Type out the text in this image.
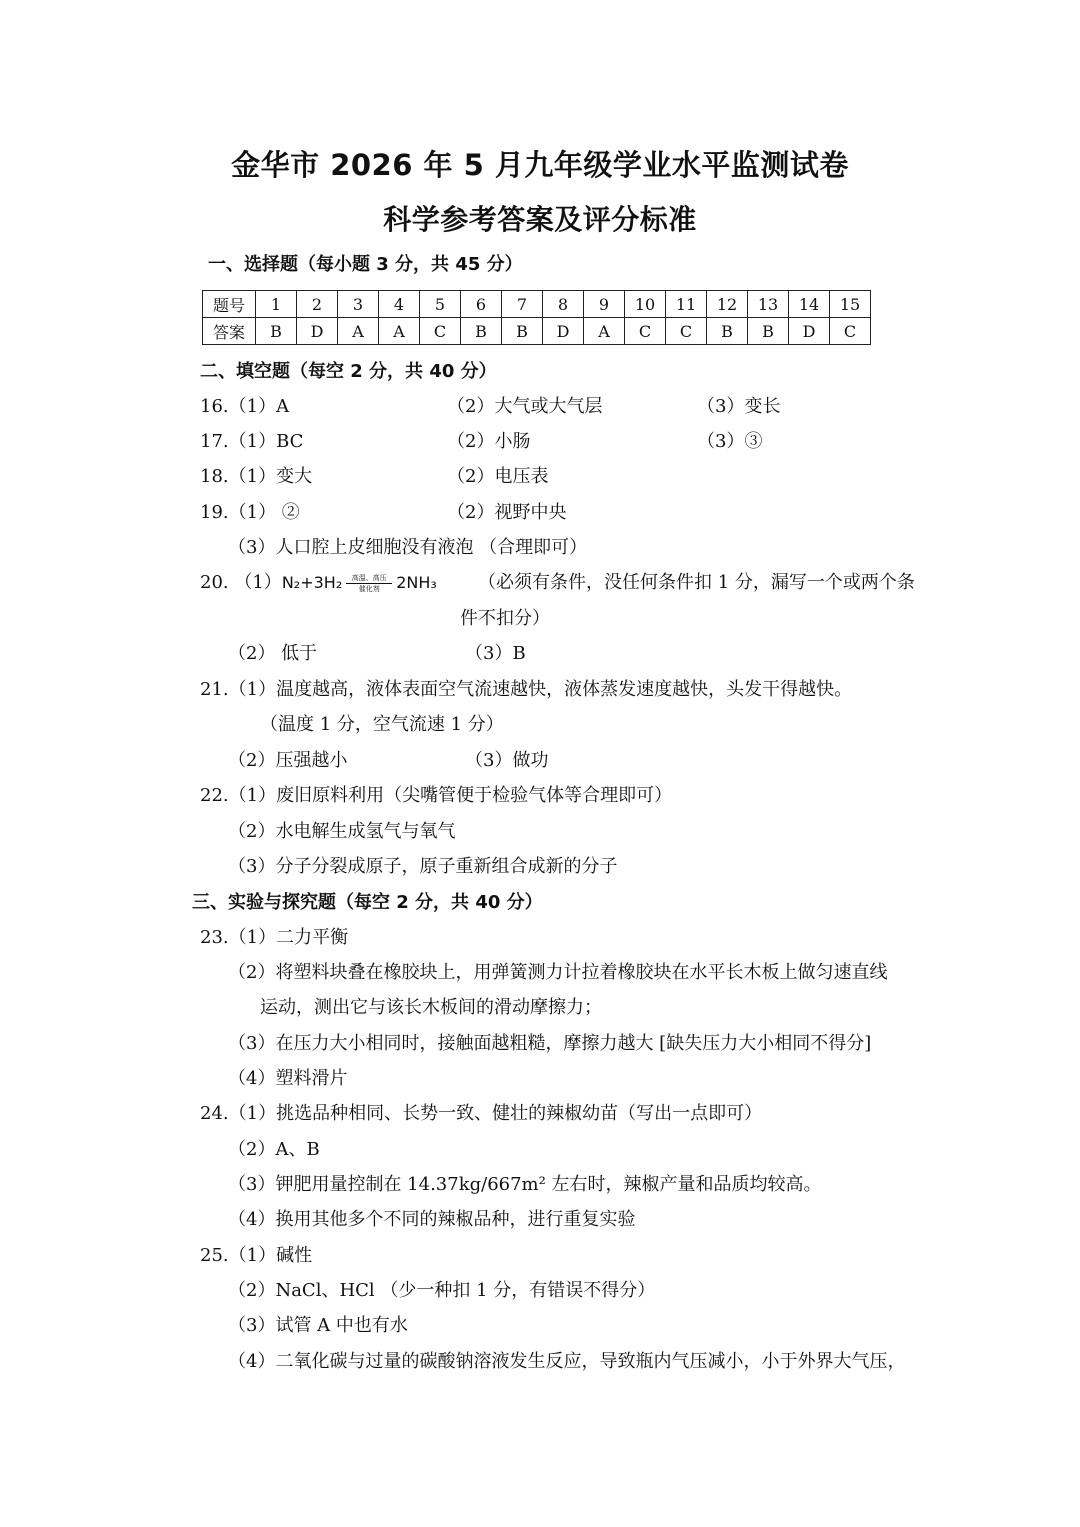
金华市 2026 年 5 月九年级学业水平监测试卷
科学参考答案及评分标准
一、选择题（每小题 3 分，共 45 分）
题号	1	2	3	4	5	6	7	8	9	10	11	12	13	14	15
答案	B	D	A	A	C	B	B	D	A	C	C	B	B	D	C
二、填空题（每空 2 分，共 40 分）
16.（1）A	（2）大气或大气层	（3）变长
17.（1）BC	（2）小肠	（3）③
18.（1）变大	（2）电压表
19.（1） ②	（2）视野中央
（3）人口腔上皮细胞没有液泡 （合理即可）
20. （1）N₂+3H₂	高温、高压
催化剂	2NH₃ （必须有条件，没任何条件扣 1 分，漏写一个或两个条
件不扣分）
（2） 低于	（3）B
21.（1）温度越高，液体表面空气流速越快，液体蒸发速度越快，头发干得越快。
（温度 1 分，空气流速 1 分）
（2）压强越小	（3）做功
22.（1）废旧原料利用（尖嘴管便于检验气体等合理即可）
（2）水电解生成氢气与氧气
（3）分子分裂成原子，原子重新组合成新的分子
三、实验与探究题（每空 2 分，共 40 分）
23.（1）二力平衡
（2）将塑料块叠在橡胶块上，用弹簧测力计拉着橡胶块在水平长木板上做匀速直线
运动，测出它与该长木板间的滑动摩擦力；
（3）在压力大小相同时，接触面越粗糙，摩擦力越大 [缺失压力大小相同不得分]
（4）塑料滑片
24.（1）挑选品种相同、长势一致、健壮的辣椒幼苗（写出一点即可）
（2）A、B
（3）钾肥用量控制在 14.37kg/667m² 左右时，辣椒产量和品质均较高。
（4）换用其他多个不同的辣椒品种，进行重复实验
25.（1）碱性
（2）NaCl、HCl （少一种扣 1 分，有错误不得分）
（3）试管 A 中也有水
（4）二氧化碳与过量的碳酸钠溶液发生反应，导致瓶内气压减小，小于外界大气压，
